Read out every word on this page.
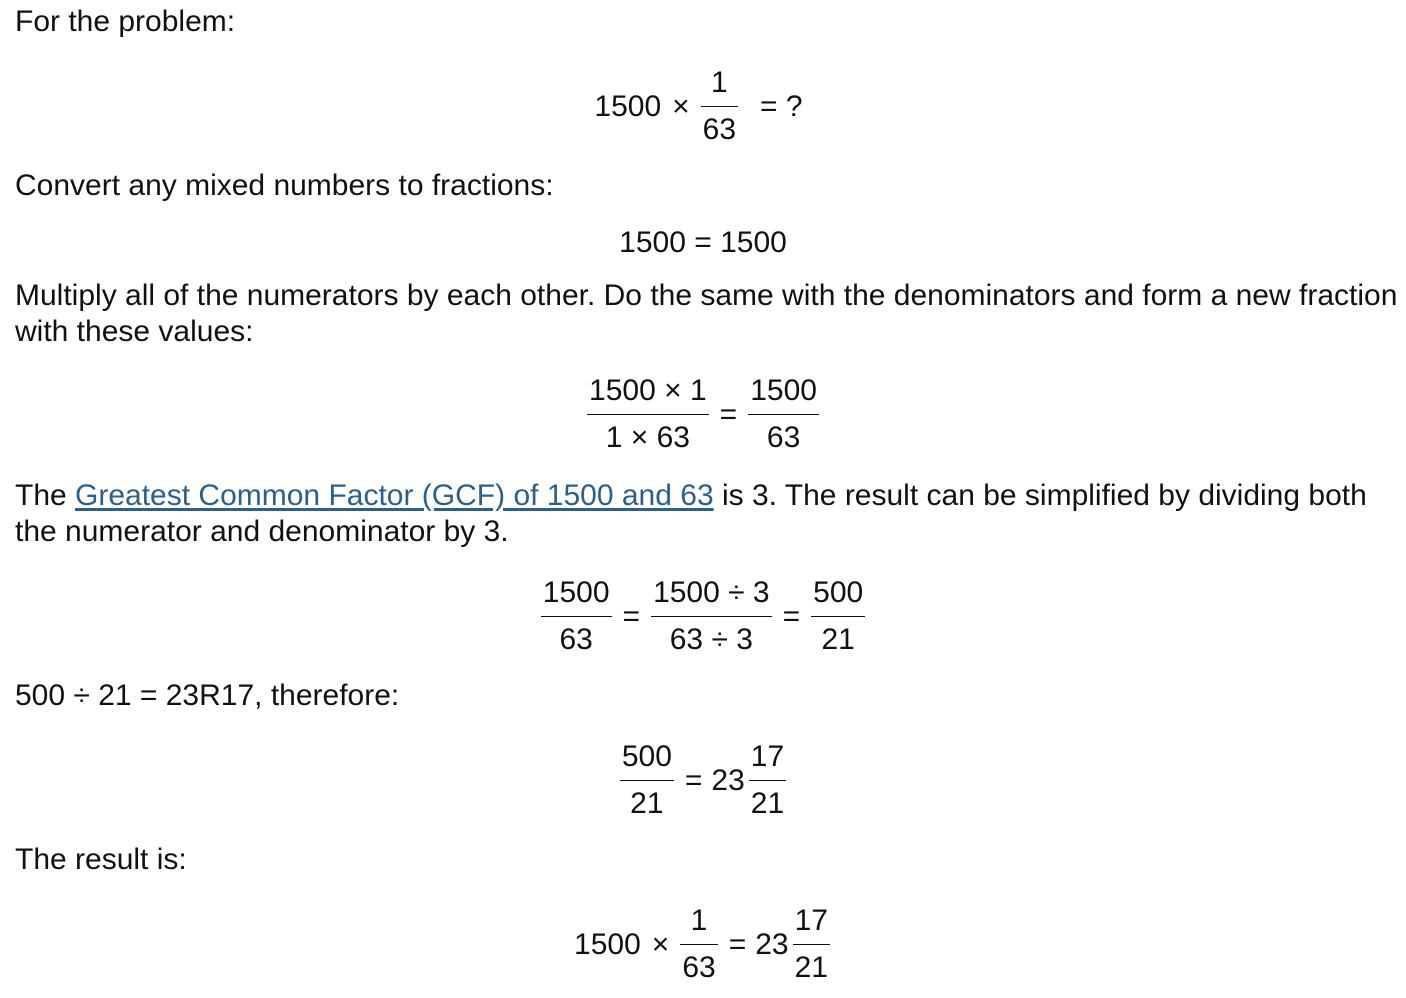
For the problem:
$1500 \times \frac{1}{63}$ = ?
Convert any mixed numbers to fractions:
1500 = 1500
Multiply all of the numerators by each other. Do the same with the denominators and form a new fraction with these values:
$\frac{1500 \times 1}{1 \times 63} = \frac{1500}{63}$
The Greatest Common Factor (GCF) of 1500 and 63 is 3. The result can be simplified by dividing both the numerator and denominator by 3.
$\frac{1500}{63} = \frac{1500 \div 3}{63 \div 3} = \frac{500}{21}$
500 ÷ 21 = 23R17, therefore:
$\frac{500}{21} = 23 \frac{17}{21}$
The result is:
$1500 \times \frac{1}{63} = 23 \frac{17}{21}$
